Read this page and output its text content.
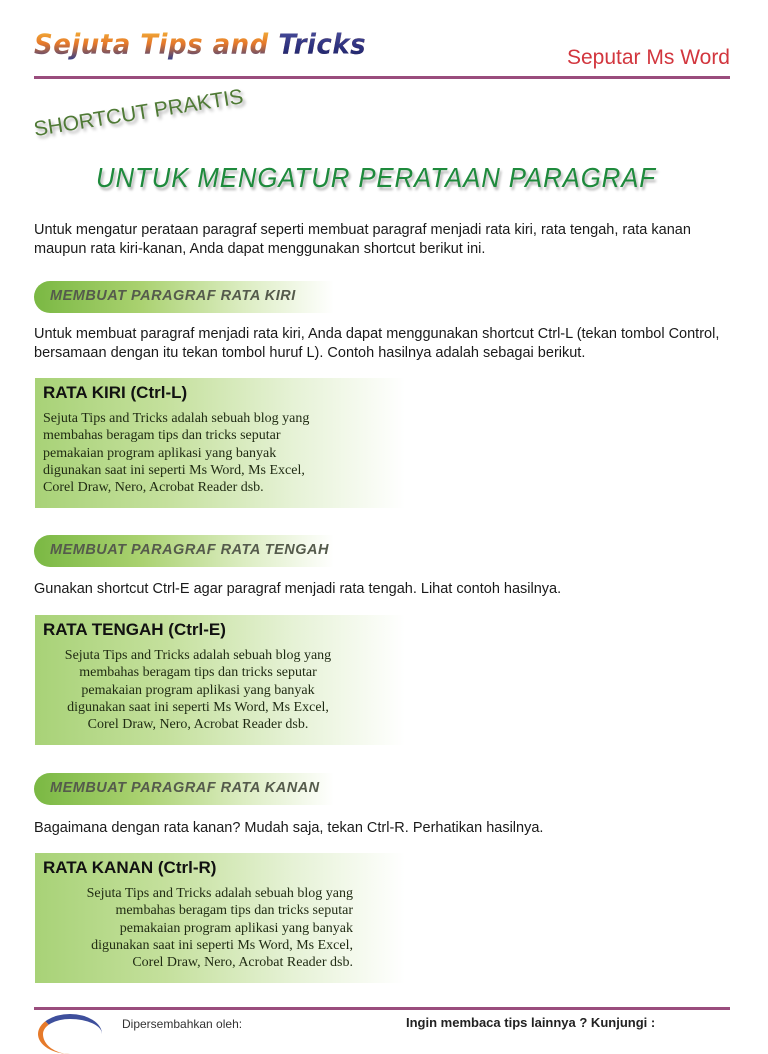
Sejuta Tips and Tricks	Seputar Ms Word
SHORTCUT PRAKTIS
UNTUK MENGATUR PERATAAN PARAGRAF
Untuk mengatur perataan paragraf seperti membuat paragraf menjadi rata kiri, rata tengah, rata kanan maupun rata kiri-kanan, Anda dapat menggunakan shortcut berikut ini.
MEMBUAT PARAGRAF RATA KIRI
Untuk membuat paragraf menjadi rata kiri, Anda dapat menggunakan shortcut Ctrl-L (tekan tombol Control, bersamaan dengan itu tekan tombol huruf L). Contoh hasilnya adalah sebagai berikut.
RATA KIRI (Ctrl-L)
Sejuta Tips and Tricks adalah sebuah blog yang
membahas beragam tips dan tricks seputar
pemakaian program aplikasi yang banyak
digunakan saat ini seperti Ms Word, Ms Excel,
Corel Draw, Nero, Acrobat Reader dsb.
MEMBUAT PARAGRAF RATA TENGAH
Gunakan shortcut Ctrl-E agar paragraf menjadi rata tengah. Lihat contoh hasilnya.
RATA TENGAH (Ctrl-E)
Sejuta Tips and Tricks adalah sebuah blog yang
membahas beragam tips dan tricks seputar
pemakaian program aplikasi yang banyak
digunakan saat ini seperti Ms Word, Ms Excel,
Corel Draw, Nero, Acrobat Reader dsb.
MEMBUAT PARAGRAF RATA KANAN
Bagaimana dengan rata kanan? Mudah saja, tekan Ctrl-R. Perhatikan hasilnya.
RATA KANAN (Ctrl-R)
Sejuta Tips and Tricks adalah sebuah blog yang
membahas beragam tips dan tricks seputar
pemakaian program aplikasi yang banyak
digunakan saat ini seperti Ms Word, Ms Excel,
Corel Draw, Nero, Acrobat Reader dsb.
Dipersembahkan oleh:	Ingin membaca tips lainnya ? Kunjungi :
